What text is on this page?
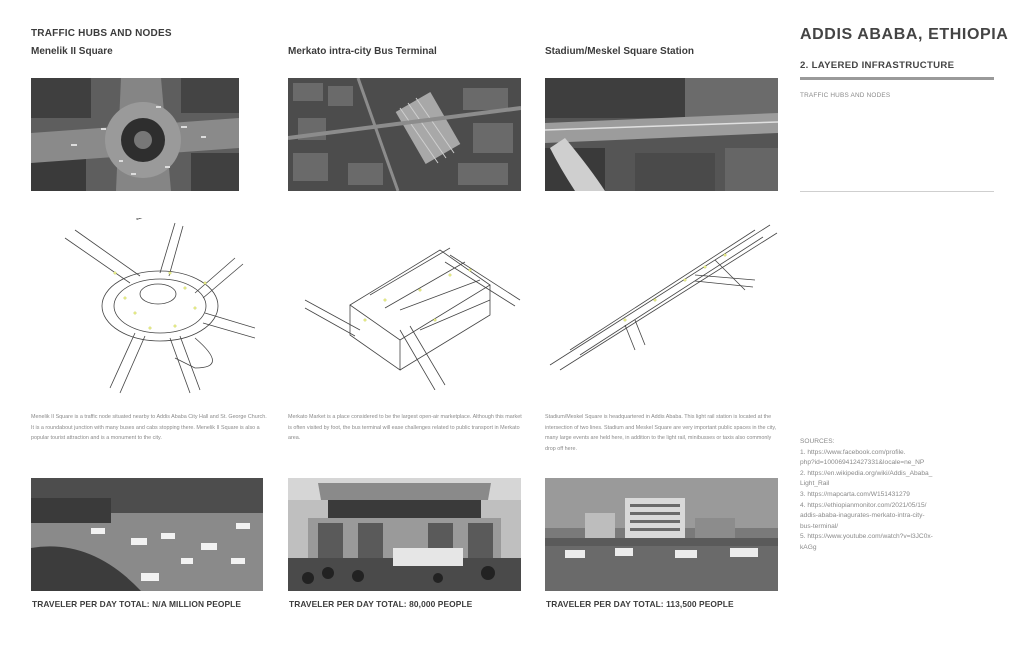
TRAFFIC HUBS AND NODES
Menelik II Square	Merkato intra-city Bus Terminal	Stadium/Meskel Square Station
Menelik II Square is a traffic node situated nearby to Addis Ababa City Hall and St. George Church. It is a roundabout junction with many buses and cabs stopping there. Menelik II Square is also a popular tourist attraction and is a monument to the city.
Merkato Market is a place considered to be the largest open-air marketplace. Although this market is often visited by foot, the bus terminal will ease challenges related to public transport in Merkato area.
Stadium/Meskel Square is headquartered in Addis Ababa. This light rail station is located at the intersection of two lines. Stadium and Meskel Square are very important public spaces in the city, many large events are held here, in addition to the light rail, minibusses or taxis also commonly drop off here.
TRAVELER PER DAY TOTAL: N/A MILLION PEOPLE	TRAVELER PER DAY TOTAL: 80,000 PEOPLE	TRAVELER PER DAY TOTAL: 113,500 PEOPLE
ADDIS ABABA, ETHIOPIA
2. LAYERED INFRASTRUCTURE
TRAFFIC HUBS AND NODES
SOURCES:
1. https://www.facebook.com/profile.
php?id=100069412427331&locale=ne_NP
2. https://en.wikipedia.org/wiki/Addis_Ababa_
Light_Rail
3. https://mapcarta.com/W151431279
4. https://ethiopianmonitor.com/2021/05/15/
addis-ababa-inagurates-merkato-intra-city-
bus-terminal/
5. https://www.youtube.com/watch?v=l3JC0x-
kAGg
